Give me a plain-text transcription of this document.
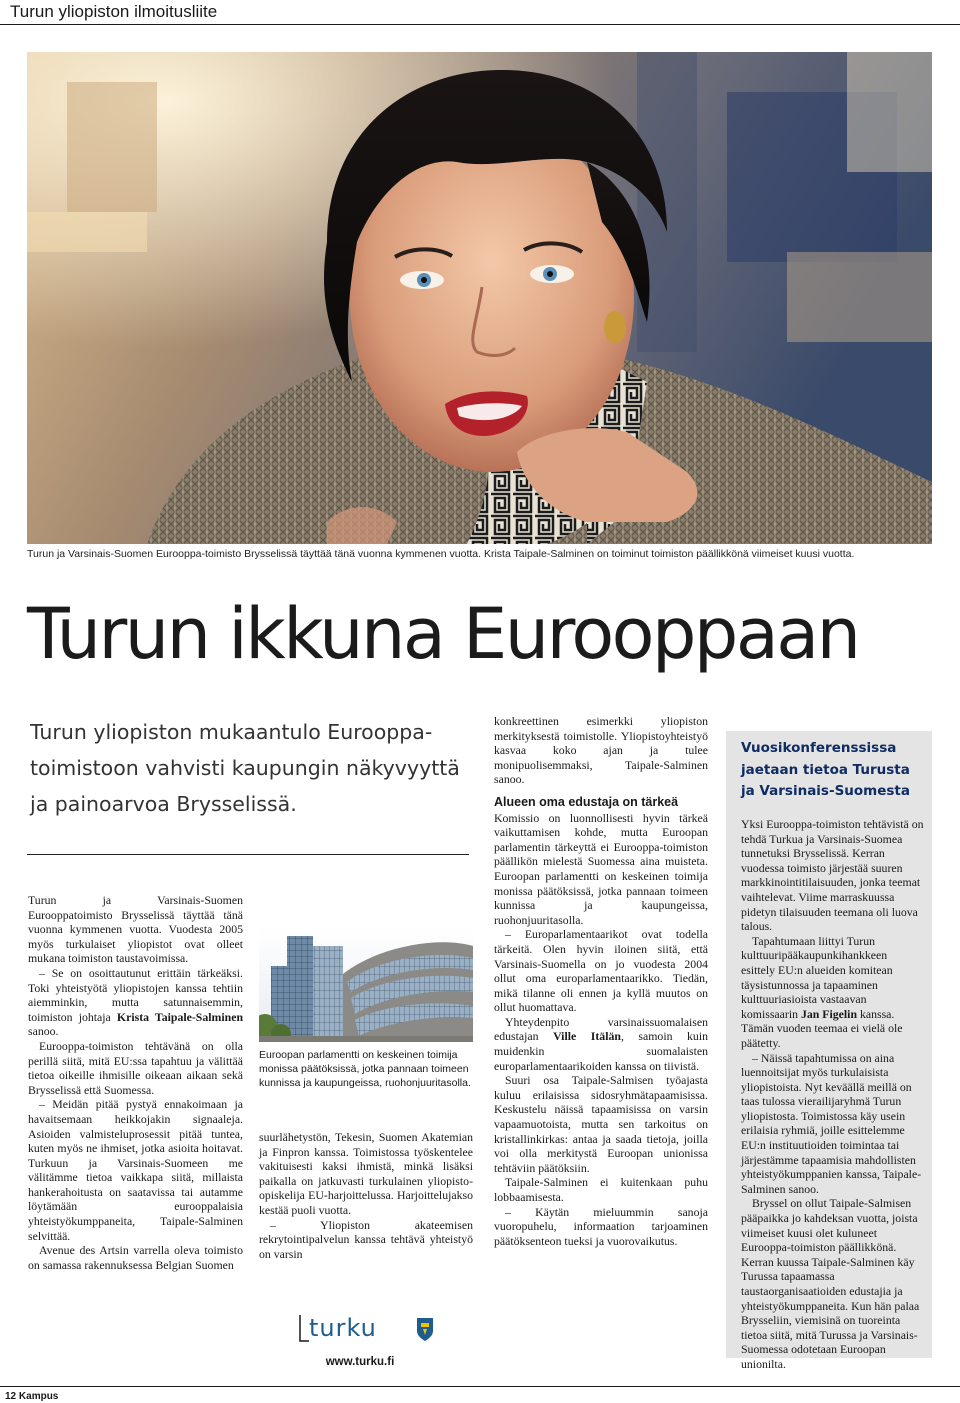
Turun yliopiston ilmoitusliite
Turun ja Varsinais-Suomen Eurooppa-toimisto Brysselissä täyttää tänä vuonna kymmenen vuotta. Krista Taipale-Salminen on toiminut toimiston päällikkönä viimeiset kuusi vuotta.
Turun ikkuna Eurooppaan
Turun yliopiston mukaantulo Eurooppa-toimistoon vahvisti kaupungin näkyvyyttä ja painoarvoa Brysselissä.

Turun ja Varsinais-Suomen Eurooppatoimisto Brysselissä täyttää tänä vuonna kymmenen vuotta. Vuodesta 2005 myös turkulaiset yliopistot ovat olleet mukana toimiston taustavoimissa.

– Se on osoittautunut erittäin tärkeäksi. Toki yhteistyötä yliopistojen kanssa tehtiin aiemminkin, mutta satunnaisemmin, toimiston johtaja Krista Taipale-Salminen sanoo.

Eurooppa-toimiston tehtävänä on olla perillä siitä, mitä EU:ssa tapahtuu ja välittää tietoa oikeille ihmisille oikeaan aikaan sekä Brysselissä että Suomessa.

– Meidän pitää pystyä ennakoimaan ja havaitsemaan heikkojakin signaaleja. Asioiden valmisteluprosessit pitää tuntea, kuten myös ne ihmiset, jotka asioita hoitavat. Turkuun ja Varsinais-Suomeen me välitämme tietoa vaikkapa siitä, millaista hankerahoitusta on saatavissa tai autamme löytämään eurooppalaisia yhteistyökumppaneita, Taipale-Salminen selvittää.

Avenue des Artsin varrella oleva toimisto on samassa rakennuksessa Belgian Suomen

Euroopan parlamentti on keskeinen toimija monissa päätöksissä, jotka pannaan toimeen kunnissa ja kaupungeissa, ruohonjuuritasolla.

suurlähetystön, Tekesin, Suomen Akatemian ja Finpron kanssa. Toimistossa työskentelee vakituisesti kaksi ihmistä, minkä lisäksi paikalla on jatkuvasti turkulainen yliopisto-opiskelija EU-harjoittelussa. Harjoittelujakso kestää puoli vuotta.

– Yliopiston akateemisen rekrytointipalvelun kanssa tehtävä yhteistyö on varsin

konkreettinen esimerkki yliopiston merkityksestä toimistolle. Yliopistoyhteistyö kasvaa koko ajan ja tulee monipuolisemmaksi, Taipale-Salminen sanoo.

Alueen oma edustaja on tärkeä

Komissio on luonnollisesti hyvin tärkeä vaikuttamisen kohde, mutta Euroopan parlamentin tärkeyttä ei Eurooppa-toimiston päällikön mielestä Suomessa aina muisteta. Euroopan parlamentti on keskeinen toimija monissa päätöksissä, jotka pannaan toimeen kunnissa ja kaupungeissa, ruohonjuuritasolla.

– Europarlamentaarikot ovat todella tärkeitä. Olen hyvin iloinen siitä, että Varsinais-Suomella on jo vuodesta 2004 ollut oma europarlamentaarikko. Tiedän, mikä tilanne oli ennen ja kyllä muutos on ollut huomattava.

Yhteydenpito varsinaissuomalaisen edustajan Ville Itälän, samoin kuin muidenkin suomalaisten europarlamentaarikoiden kanssa on tiivistä.

Suuri osa Taipale-Salmisen työajasta kuluu erilaisissa sidosryhmätapaamisissa. Keskustelu näissä tapaamisissa on varsin vapaamuotoista, mutta sen tarkoitus on kristallinkirkas: antaa ja saada tietoja, joilla voi olla merkitystä Euroopan unionissa tehtäviin päätöksiin.

Taipale-Salminen ei kuitenkaan puhu lobbaamisesta.

– Käytän mieluummin sanoja vuoropuhelu, informaation tarjoaminen päätöksenteon tueksi ja vuorovaikutus.

Vuosikonferenssissa jaetaan tietoa Turusta ja Varsinais-Suomesta

Yksi Eurooppa-toimiston tehtävistä on tehdä Turkua ja Varsinais-Suomea tunnetuksi Brysselissä. Kerran vuodessa toimisto järjestää suuren markkinointitilaisuuden, jonka teemat vaihtelevat. Viime marraskuussa pidetyn tilaisuuden teemana oli luova talous.

Tapahtumaan liittyi Turun kulttuuripääkaupunkihankkeen esittely EU:n alueiden komitean täysistunnossa ja tapaaminen kulttuuriasioista vastaavan komissaarin Jan Figelin kanssa. Tämän vuoden teemaa ei vielä ole päätetty.

– Näissä tapahtumissa on aina luennoitsijat myös turkulaisista yliopistoista. Nyt keväällä meillä on taas tulossa vierailijaryhmä Turun yliopistosta. Toimistossa käy usein erilaisia ryhmiä, joille esittelemme EU:n instituutioiden toimintaa tai järjestämme tapaamisia mahdollisten yhteistyökumppanien kanssa, Taipale-Salminen sanoo.

Bryssel on ollut Taipale-Salmisen pääpaikka jo kahdeksan vuotta, joista viimeiset kuusi olet kuluneet Eurooppa-toimiston päällikkönä. Kerran kuussa Taipale-Salminen käy Turussa tapaamassa taustaorganisaatioiden edustajia ja yhteistyökumppaneita. Kun hän palaa Brysseliin, viemisinä on tuoreinta tietoa siitä, mitä Turussa ja Varsinais-Suomessa odotetaan Euroopan unionilta.

turku
www.turku.fi
12 Kampus
